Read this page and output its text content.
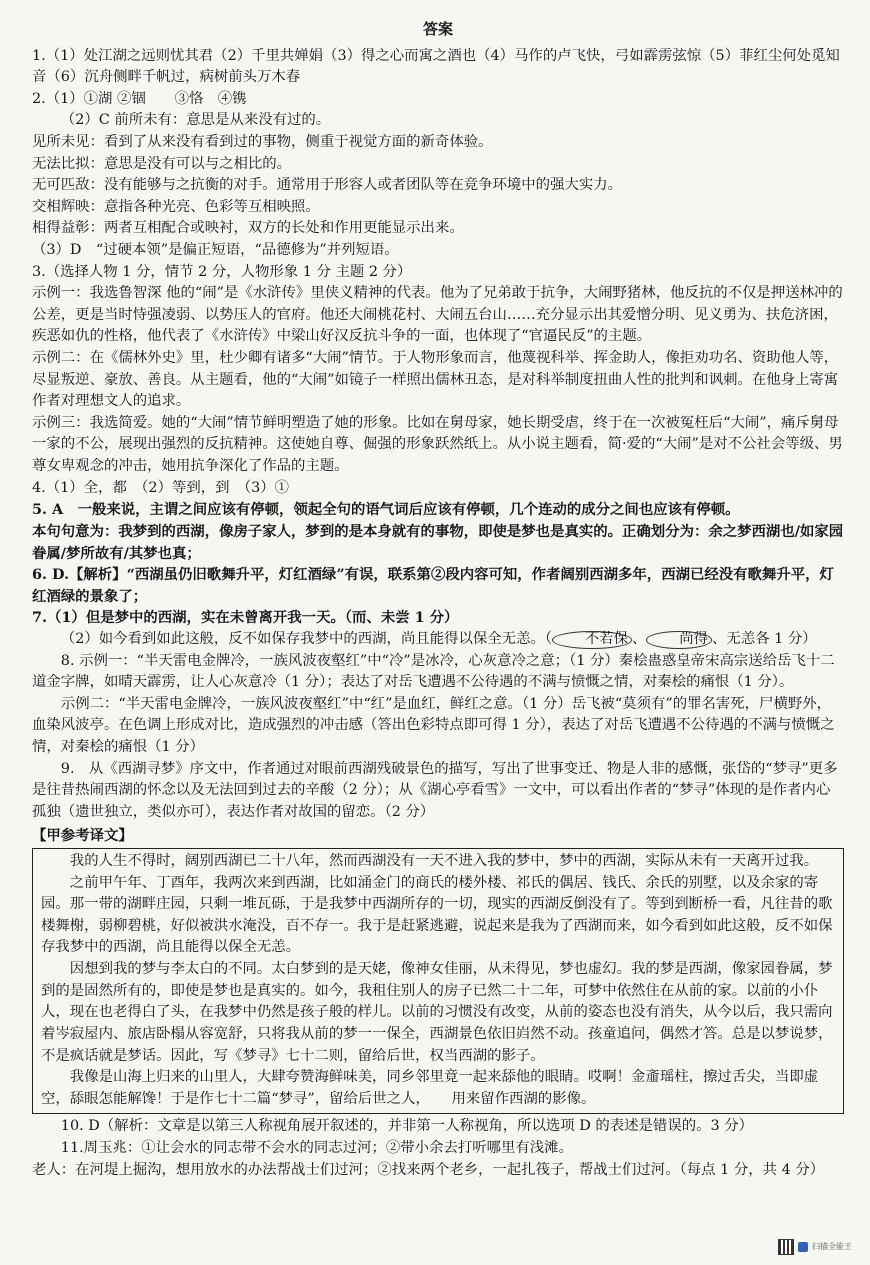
答案

1.（1）处江湖之远则忧其君（2）千里共婵娟（3）得之心而寓之酒也（4）马作的卢飞快，弓如霹雳弦惊（5）菲红尘何处觅知音（6）沉舟侧畔千帆过，病树前头万木春

2.（1）①湖 ②锢　　③恪　④镌

（2）C 前所未有：意思是从来没有过的。

见所未见：看到了从来没有看到过的事物，侧重于视觉方面的新奇体验。

无法比拟：意思是没有可以与之相比的。

无可匹敌：没有能够与之抗衡的对手。通常用于形容人或者团队等在竞争环境中的强大实力。

交相辉映：意指各种光亮、色彩等互相映照。

相得益彰：两者互相配合或映衬，双方的长处和作用更能显示出来。

（3）D　“过硬本领”是偏正短语，“品德修为”并列短语。

3.（选择人物 1 分，情节 2 分，人物形象 1 分 主题 2 分）

示例一：我选鲁智深 他的“闹”是《水浒传》里侠义精神的代表。他为了兄弟敢于抗争，大闹野猪林，他反抗的不仅是押送林冲的公差，更是当时恃强凌弱、以势压人的官府。他还大闹桃花村、大闹五台山……充分显示出其爱憎分明、见义勇为、扶危济困，疾恶如仇的性格，他代表了《水浒传》中梁山好汉反抗斗争的一面，也体现了“官逼民反”的主题。

示例二：在《儒林外史》里，杜少卿有诸多“大闹”情节。于人物形象而言，他蔑视科举、挥金助人，像拒劝功名、资助他人等，尽显叛逆、豪放、善良。从主题看，他的“大闹”如镜子一样照出儒林丑态，是对科举制度扭曲人性的批判和讽刺。在他身上寄寓作者对理想文人的追求。

示例三：我选简爱。她的“大闹”情节鲜明塑造了她的形象。比如在舅母家，她长期受虐，终于在一次被冤枉后“大闹”，痛斥舅母一家的不公，展现出强烈的反抗精神。这使她自尊、倔强的形象跃然纸上。从小说主题看，简·爱的“大闹”是对不公社会等级、男尊女卑观念的冲击，她用抗争深化了作品的主题。

4.（1）全，都　（2）等到，到　（3）①

5. A　一般来说，主谓之间应该有停顿，领起全句的语气词后应该有停顿，几个连动的成分之间也应该有停顿。

本句句意为：我梦到的西湖，像房子家人，梦到的是本身就有的事物，即使是梦也是真实的。正确划分为：余之梦西湖也/如家园眷属/梦所故有/其梦也真；

6. D.【解析】“西湖虽仍旧歌舞升平，灯红酒绿”有误，联系第②段内容可知，作者阔别西湖多年，西湖已经没有歌舞升平，灯红酒绿的景象了；

7.（1）但是梦中的西湖，实在未曾离开我一天。（而、未尝 1 分）

（2）如今看到如此这般，反不如保存我梦中的西湖，尚且能得以保全无恙。（ 不若保 、 尚得 、无恙各 1 分）

8. 示例一：“半天雷电金牌冷，一族风波夜壑红”中“冷”是冰冷，心灰意冷之意；（1 分）秦桧蛊惑皇帝宋高宗送给岳飞十二道金字牌，如晴天霹雳，让人心灰意冷（1 分）；表达了对岳飞遭遇不公待遇的不满与愤慨之情，对秦桧的痛恨（1 分）。

示例二：“半天雷电金牌冷，一族风波夜壑红”中“红”是血红，鲜红之意。（1 分）岳飞被“莫须有”的罪名害死，尸横野外，血染风波亭。在色调上形成对比，造成强烈的冲击感（答出色彩特点即可得 1 分），表达了对岳飞遭遇不公待遇的不满与愤慨之情，对秦桧的痛恨（1 分）

9.　从《西湖寻梦》序文中，作者通过对眼前西湖残破景色的描写，写出了世事变迁、物是人非的感慨，张岱的“梦寻”更多是往昔热闹西湖的怀念以及无法回到过去的辛酸（2 分）；从《湖心亭看雪》一文中，可以看出作者的“梦寻”体现的是作者内心孤独（遗世独立，类似亦可），表达作者对故国的留恋。（2 分）

【甲参考译文】

我的人生不得时，阔别西湖已二十八年，然而西湖没有一天不进入我的梦中，梦中的西湖，实际从未有一天离开过我。

之前甲午年、丁酉年，我两次来到西湖，比如涌金门的商氏的楼外楼、祁氏的偶居、钱氏、余氏的别墅，以及余家的寄园。那一带的湖畔庄园，只剩一堆瓦砾，于是我梦中西湖所存的一切，现实的西湖反倒没有了。等到到断桥一看，凡往昔的歌楼舞榭，弱柳碧桃，好似被洪水淹没，百不存一。我于是赶紧逃避，说起来是我为了西湖而来，如今看到如此这般，反不如保存我梦中的西湖，尚且能得以保全无恙。

因想到我的梦与李太白的不同。太白梦到的是天姥，像神女佳丽，从未得见，梦也虚幻。我的梦是西湖，像家园眷属，梦到的是固然所有的，即使是梦也是真实的。如今，我租住别人的房子已然二十二年，可梦中依然住在从前的家。以前的小仆人，现在也老得白了头，在我梦中仍然是孩子般的样儿。以前的习惯没有改变，从前的姿态也没有消失，从今以后，我只需向着岑寂屋内、旅店卧榻从容宽舒，只将我从前的梦一一保全，西湖景色依旧岿然不动。孩童追问，偶然才答。总是以梦说梦，不是疯话就是梦话。因此，写《梦寻》七十二则，留给后世，权当西湖的影子。

我像是山海上归来的山里人，大肆夸赞海鲜味美，同乡邻里竟一起来舔他的眼睛。哎啊！金齑瑶柱，擦过舌尖，当即虚空，舔眼怎能解馋！于是作七十二篇“梦寻”，留给后世之人，　　用来留作西湖的影像。

10. D（解析：文章是以第三人称视角展开叙述的，并非第一人称视角，所以选项 D 的表述是错误的。3 分）

11.周玉兆：①让会水的同志带不会水的同志过河；②带小余去打听哪里有浅滩。

老人：在河堤上掘沟，想用放水的办法帮战士们过河；②找来两个老乡，一起扎筏子，帮战士们过河。（每点 1 分，共 4 分）

扫描全能王
